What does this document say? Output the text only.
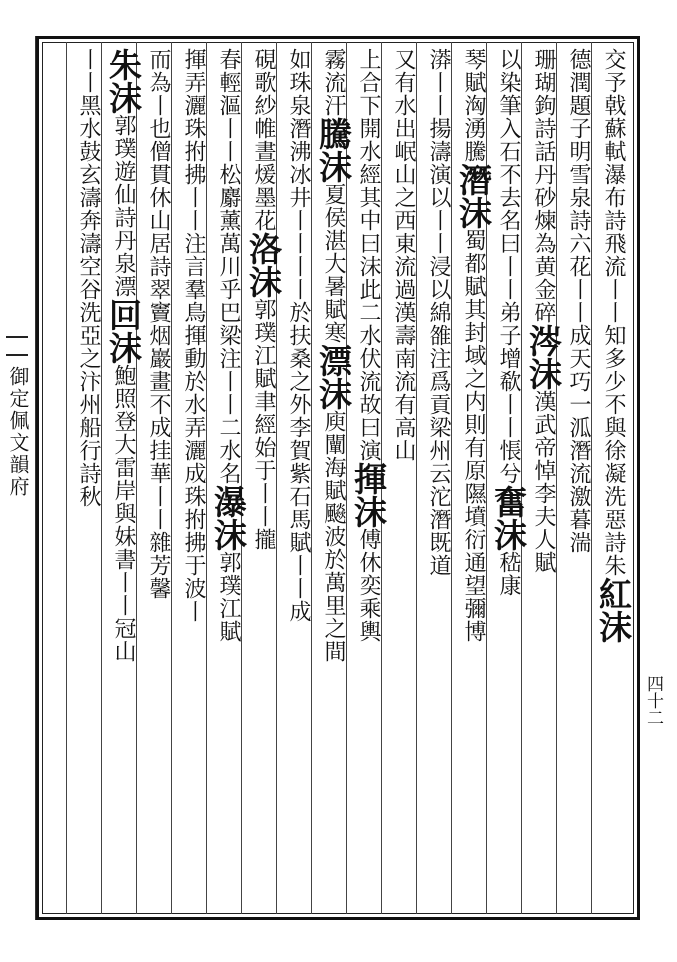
御定佩文韻府
四十二
交予戟蘇軾瀑布詩飛流丨丨知多少不與徐凝洗惡詩朱紅沫
德潤題子明雪泉詩六花丨丨成天巧一泒潛流激暮湍
珊瑚鉤詩話丹砂煉為黄金碎涔沫漢武帝悼李夫人賦
以染筆入石不去名曰丨丨弟子增欷丨丨悵兮奮沫嵇康
琴賦洶湧騰潛沫蜀都賦其封域之内則有原隰墳衍通望彌博
漭丨丨揚濤演以丨丨浸以綿雒注爲貢梁州云沱潛既道
又有水出岷山之西東流過漢壽南流有高山
上合下開水經其中曰沫此二水伏流故曰演揮沫傅休奕乘輿
霧流汗騰沫夏侯湛大暑賦寒漂沫庾闡海賦飈波於萬里之間
如珠泉潛沸冰井丨丨丨丨於扶桑之外李賀紫石馬賦丨丨成
硯歌紗帷晝煖墨花洛沫郭璞江賦聿經始于丨丨攏
春輕漚丨丨松麝薰萬川乎巴梁注丨丨二水名瀑沫郭璞江賦
揮弄灑珠拊拂丨丨注言羣鳥揮動於水弄灑成珠拊拂于波丨
而為丨也僧貫休山居詩翠竇烟巖畫不成挂華丨丨雜芳馨
朱沫郭璞遊仙詩丹泉漂回沫鮑照登大雷岸與妹書丨丨冠山
丨丨黑水鼓玄濤奔濤空谷洗亞之汴州船行詩秋
